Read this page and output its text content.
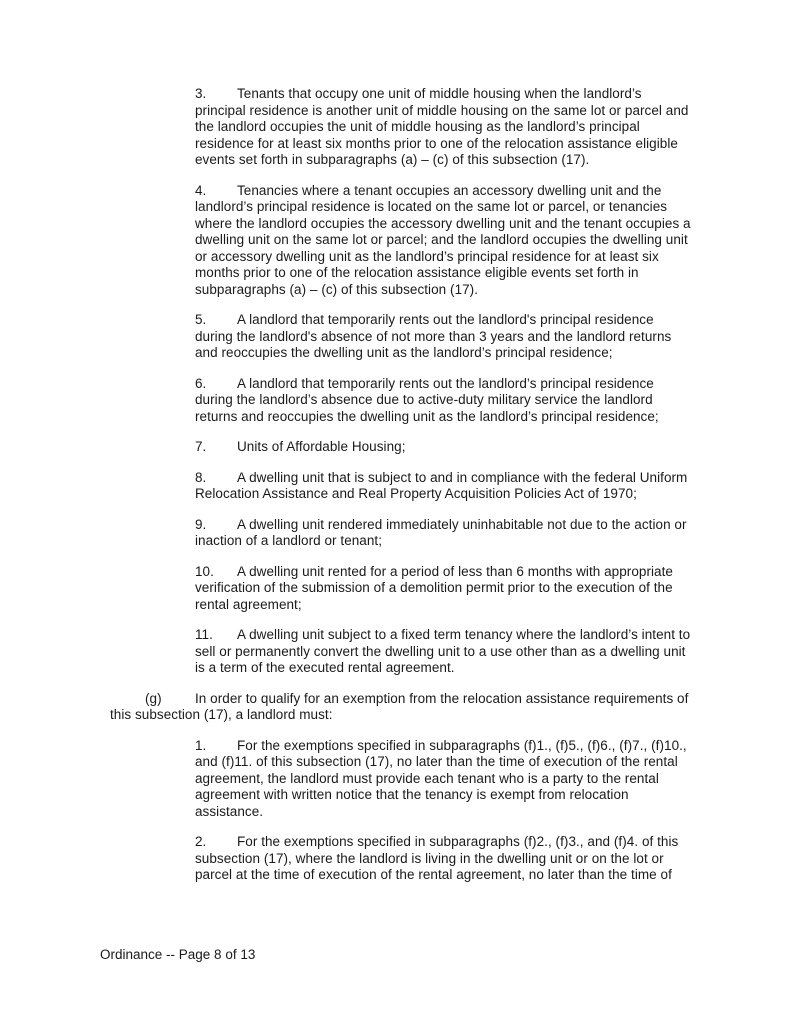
3. Tenants that occupy one unit of middle housing when the landlord’s principal residence is another unit of middle housing on the same lot or parcel and the landlord occupies the unit of middle housing as the landlord’s principal residence for at least six months prior to one of the relocation assistance eligible events set forth in subparagraphs (a) – (c) of this subsection (17).

4. Tenancies where a tenant occupies an accessory dwelling unit and the landlord’s principal residence is located on the same lot or parcel, or tenancies where the landlord occupies the accessory dwelling unit and the tenant occupies a dwelling unit on the same lot or parcel; and the landlord occupies the dwelling unit or accessory dwelling unit as the landlord’s principal residence for at least six months prior to one of the relocation assistance eligible events set forth in subparagraphs (a) – (c) of this subsection (17).

5. A landlord that temporarily rents out the landlord's principal residence during the landlord's absence of not more than 3 years and the landlord returns and reoccupies the dwelling unit as the landlord’s principal residence;

6. A landlord that temporarily rents out the landlord’s principal residence during the landlord’s absence due to active-duty military service the landlord returns and reoccupies the dwelling unit as the landlord’s principal residence;

7. Units of Affordable Housing;

8. A dwelling unit that is subject to and in compliance with the federal Uniform Relocation Assistance and Real Property Acquisition Policies Act of 1970;

9. A dwelling unit rendered immediately uninhabitable not due to the action or inaction of a landlord or tenant;

10. A dwelling unit rented for a period of less than 6 months with appropriate verification of the submission of a demolition permit prior to the execution of the rental agreement;

11. A dwelling unit subject to a fixed term tenancy where the landlord’s intent to sell or permanently convert the dwelling unit to a use other than as a dwelling unit is a term of the executed rental agreement.

(g) In order to qualify for an exemption from the relocation assistance requirements of this subsection (17), a landlord must:

1. For the exemptions specified in subparagraphs (f)1., (f)5., (f)6., (f)7., (f)10., and (f)11. of this subsection (17), no later than the time of execution of the rental agreement, the landlord must provide each tenant who is a party to the rental agreement with written notice that the tenancy is exempt from relocation assistance.

2. For the exemptions specified in subparagraphs (f)2., (f)3., and (f)4. of this subsection (17), where the landlord is living in the dwelling unit or on the lot or parcel at the time of execution of the rental agreement, no later than the time of

Ordinance -- Page 8 of 13
